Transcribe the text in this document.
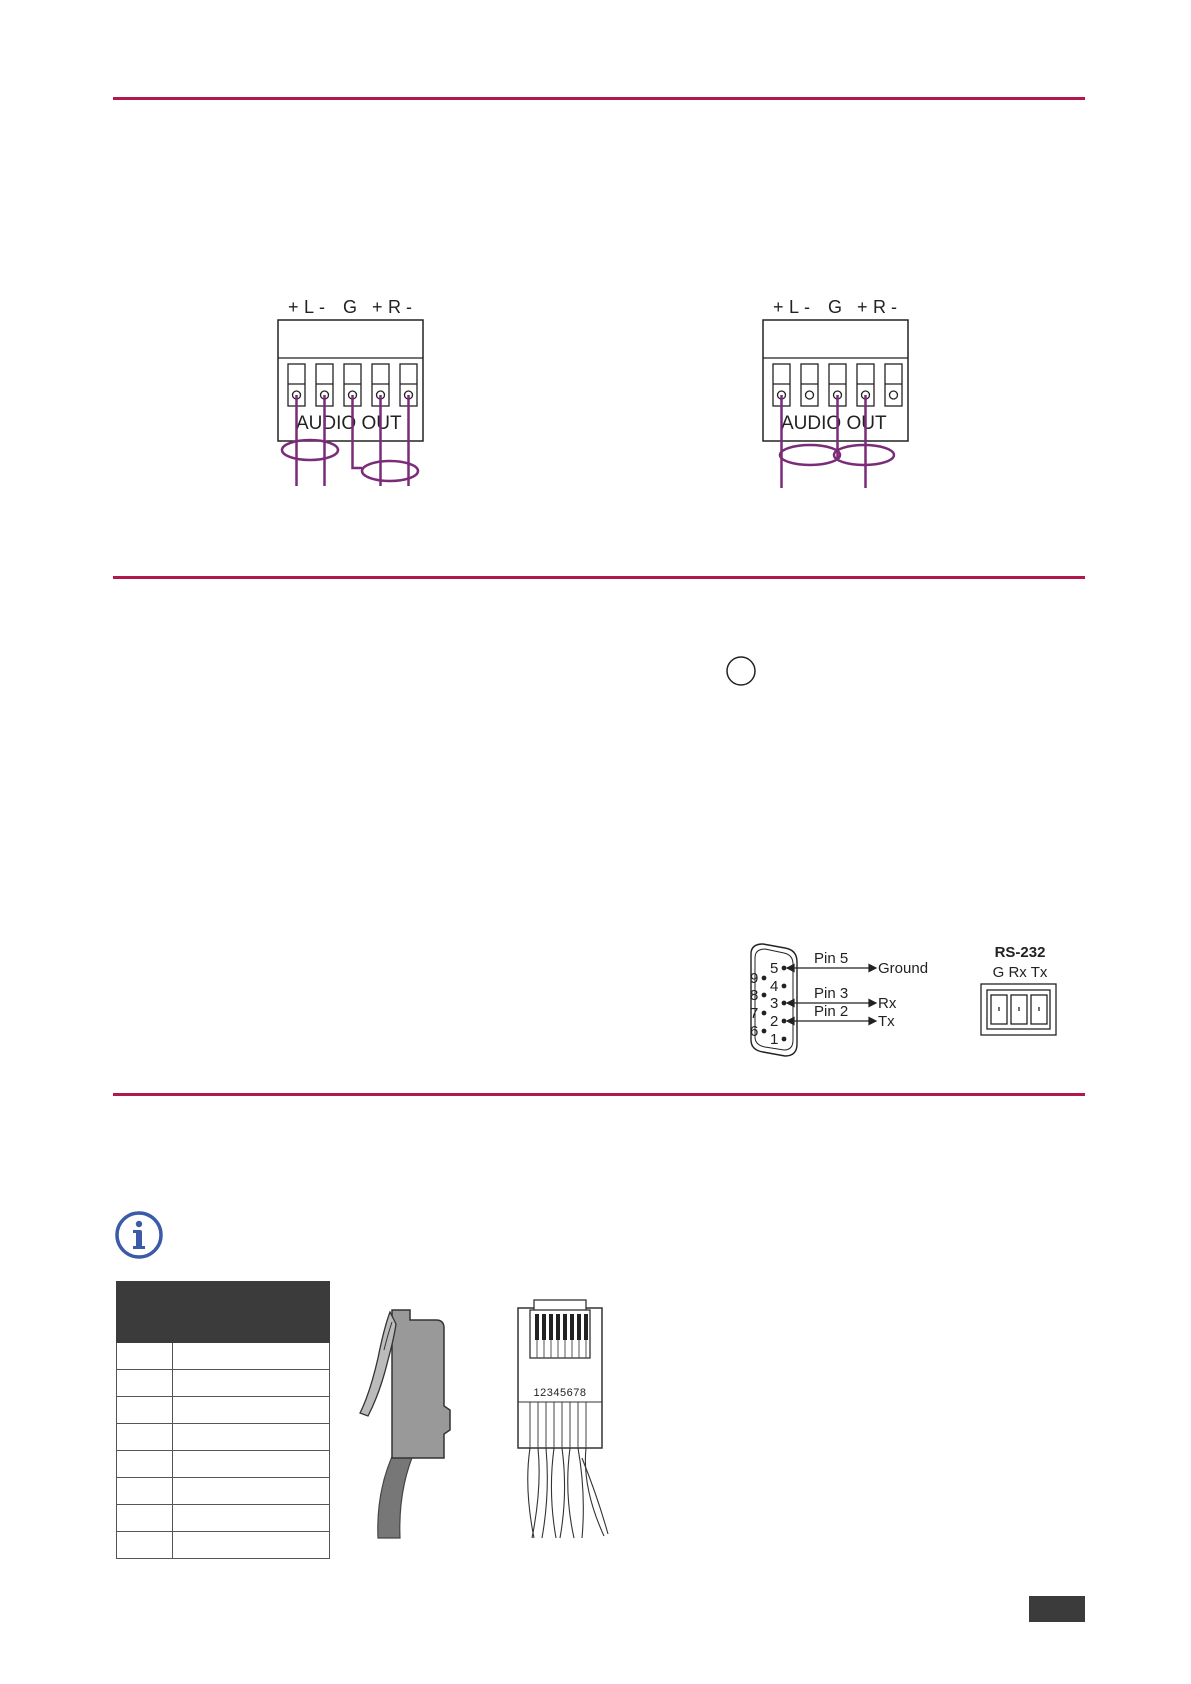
+ L - G + R -
AUDIO OUT
+ L - G + R -
AUDIO OUT
5
4
3
2
1
9
8
7
6
Pin 5
Ground
Pin 3
Rx
Pin 2
Tx
RS-232
G Rx Tx

12345678
